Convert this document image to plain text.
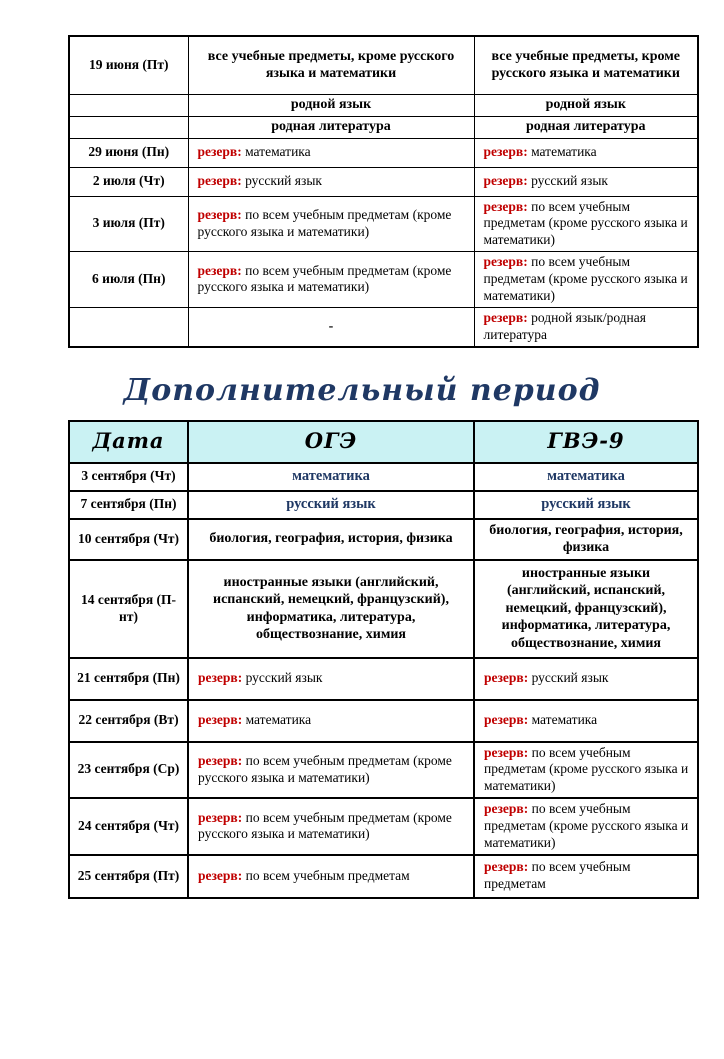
19 июня (Пт)	все учебные предметы, кроме русского языка и математики	все учебные предметы, кроме русского языка и математики
	родной язык	родной язык
	родная литература	родная литература
29 июня (Пн)	резерв: математика	резерв: математика
2 июля (Чт)	резерв: русский язык	резерв: русский язык
3 июля (Пт)	резерв: по всем учебным предметам (кроме русского языка и математики)	резерв: по всем учебным предметам (кроме русского языка и математики)
6 июля (Пн)	резерв: по всем учебным предметам (кроме русского языка и математики)	резерв: по всем учебным предметам (кроме русского языка и математики)
	-	резерв: родной язык/родная литература
Дополнительный период
Дата	ОГЭ	ГВЭ-9
3 сентября (Чт)	математика	математика
7 сентября (Пн)	русский язык	русский язык
10 сентября (Чт)	биология, география, история, физика	биология, география, история, физика
14 сентября (П-нт)	иностранные языки (английский, испанский, немецкий, французский), информатика, литература, обществознание, химия	иностранные языки (английский, испанский, немецкий, французский), информатика, литература, обществознание, химия
21 сентября (Пн)	резерв: русский язык	резерв: русский язык
22 сентября (Вт)	резерв: математика	резерв: математика
23 сентября (Ср)	резерв: по всем учебным предметам (кроме русского языка и математики)	резерв: по всем учебным предметам (кроме русского языка и математики)
24 сентября (Чт)	резерв: по всем учебным предметам (кроме русского языка и математики)	резерв: по всем учебным предметам (кроме русского языка и математики)
25 сентября (Пт)	резерв: по всем учебным предметам	резерв: по всем учебным предметам
